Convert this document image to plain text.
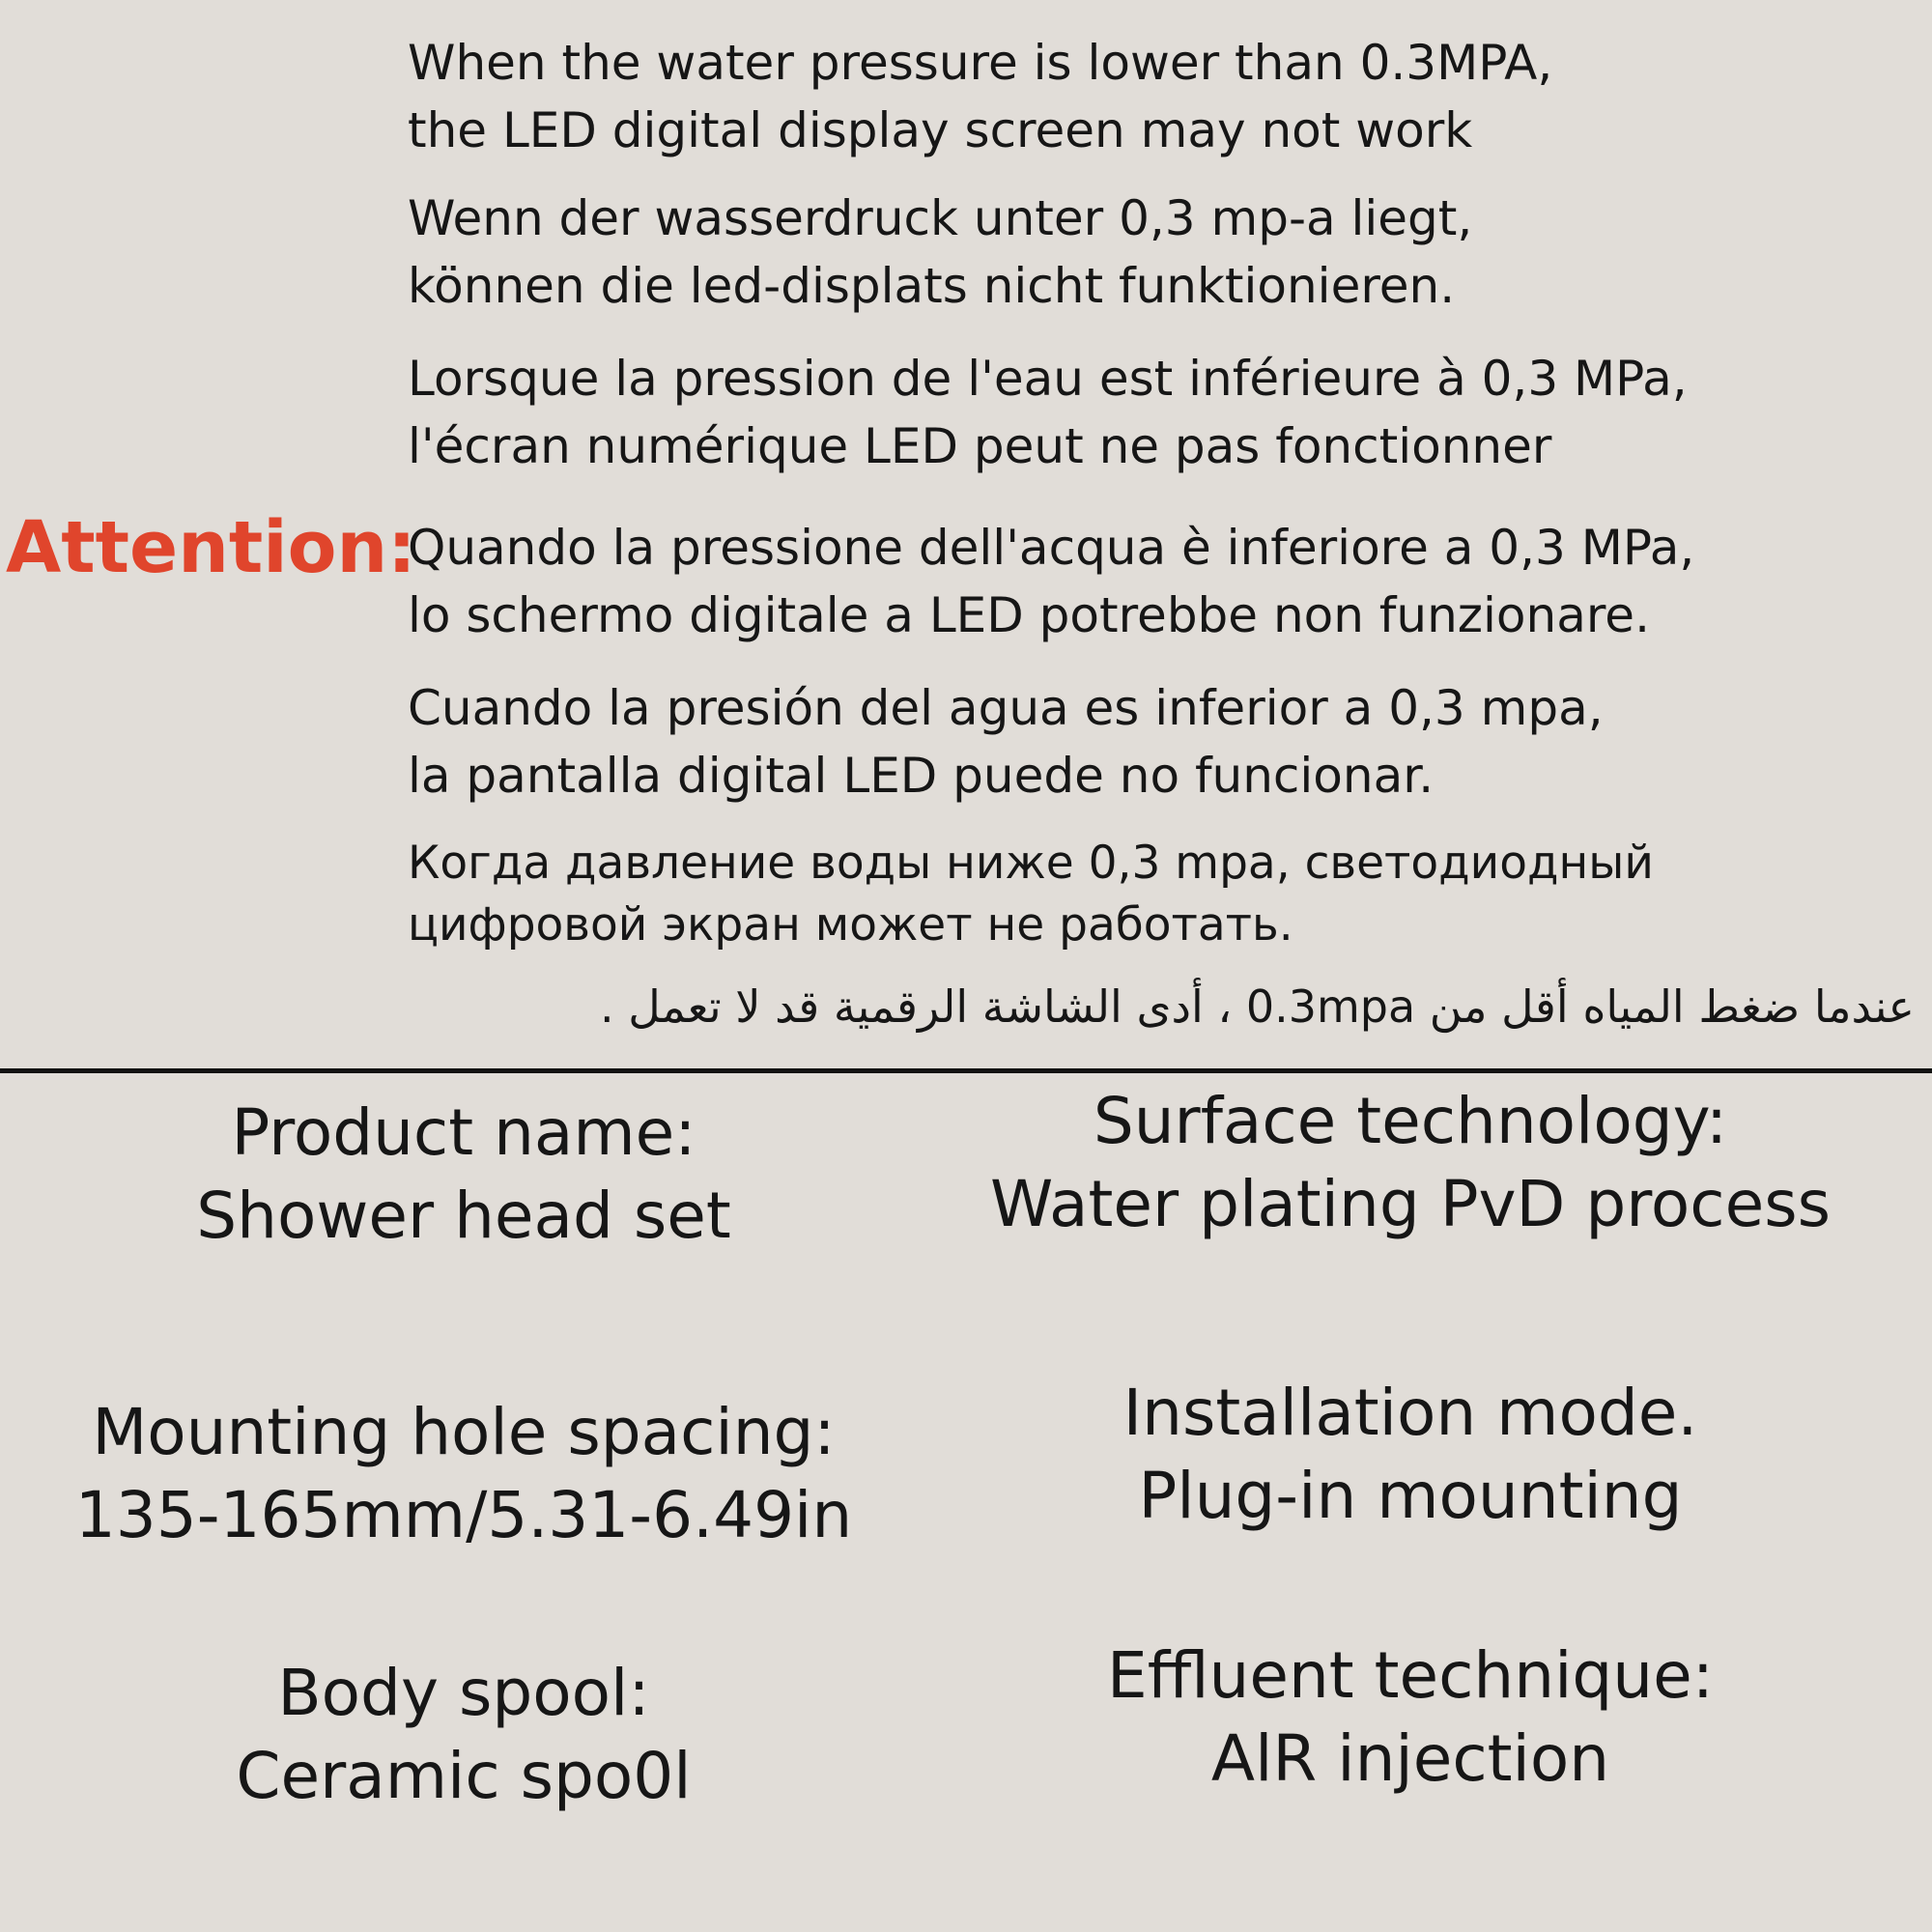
Attention:
When the water pressure is lower than 0.3MPA,
the LED digital display screen may not work
Wenn der wasserdruck unter 0,3 mp-a liegt,
können die led-displats nicht funktionieren.
Lorsque la pression de l'eau est inférieure à 0,3 MPa,
l'écran numérique LED peut ne pas fonctionner
Quando la pressione dell'acqua è inferiore a 0,3 MPa,
lo schermo digitale a LED potrebbe non funzionare.
Cuando la presión del agua es inferior a 0,3 mpa,
la pantalla digital LED puede no funcionar.
Когда давление воды ниже 0,3 mpa, светодиодный
цифровой экран может не работать.
عندما ضغط المياه أقل من 0.3mpa ، أدى الشاشة الرقمية قد لا تعمل .
Product name:
Shower head set
Surface technology:
Water plating PvD process
Mounting hole spacing:
135-165mm/5.31-6.49in
Installation mode.
Plug-in mounting
Body spool:
Ceramic spo0l
Effluent technique:
AlR injection
